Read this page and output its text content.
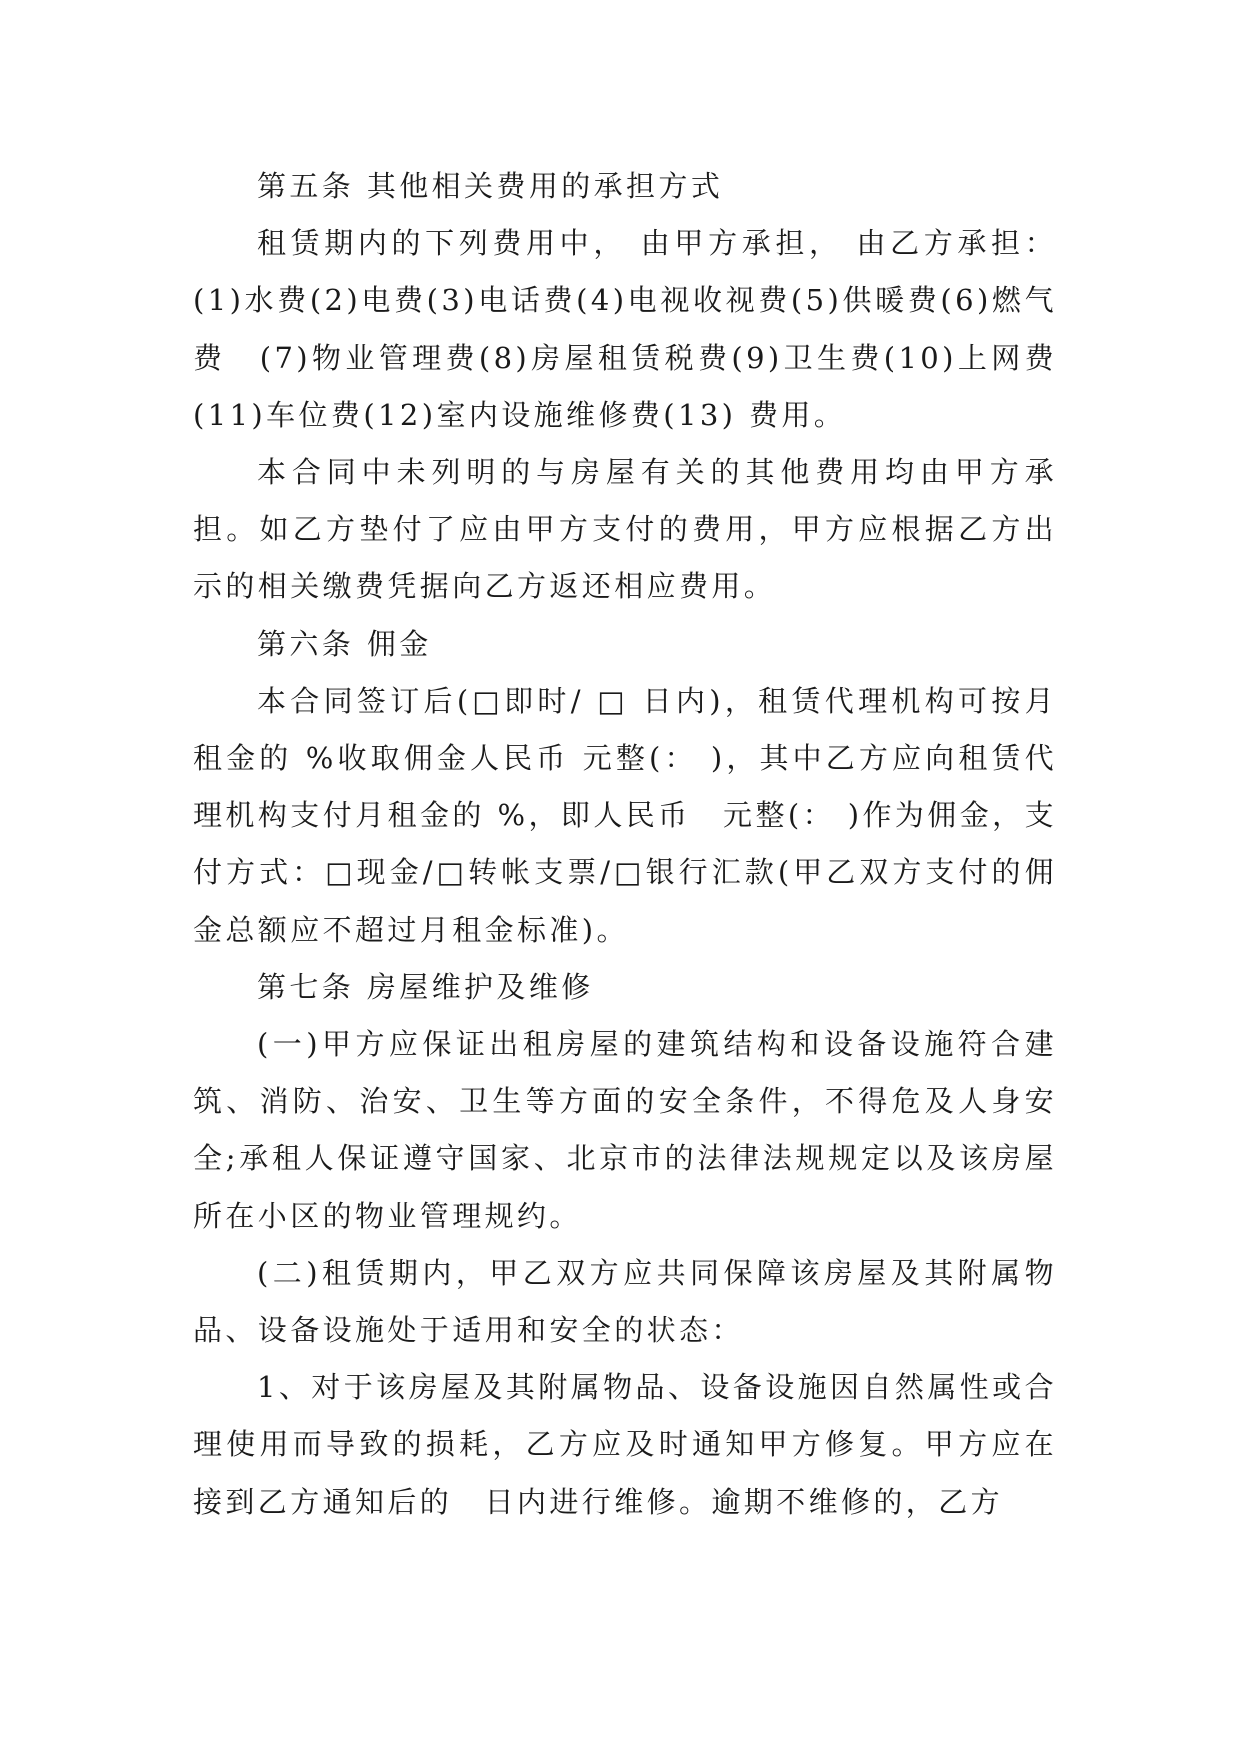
第五条 其他相关费用的承担方式

租赁期内的下列费用中， 由甲方承担， 由乙方承担：(1)水费(2)电费(3)电话费(4)电视收视费(5)供暖费(6)燃气费　(7)物业管理费(8)房屋租赁税费(9)卫生费(10)上网费(11)车位费(12)室内设施维修费(13) 费用。

本合同中未列明的与房屋有关的其他费用均由甲方承担。如乙方垫付了应由甲方支付的费用，甲方应根据乙方出示的相关缴费凭据向乙方返还相应费用。

第六条 佣金

本合同签订后(□即时/ □ 日内)，租赁代理机构可按月租金的 %收取佣金人民币 元整(： )，其中乙方应向租赁代理机构支付月租金的 %，即人民币　元整(： )作为佣金，支付方式：□现金/□转帐支票/□银行汇款(甲乙双方支付的佣金总额应不超过月租金标准)。

第七条 房屋维护及维修

(一)甲方应保证出租房屋的建筑结构和设备设施符合建筑、消防、治安、卫生等方面的安全条件，不得危及人身安全;承租人保证遵守国家、北京市的法律法规规定以及该房屋所在小区的物业管理规约。

(二)租赁期内，甲乙双方应共同保障该房屋及其附属物品、设备设施处于适用和安全的状态：

1、对于该房屋及其附属物品、设备设施因自然属性或合理使用而导致的损耗，乙方应及时通知甲方修复。甲方应在接到乙方通知后的　日内进行维修。逾期不维修的，乙方
